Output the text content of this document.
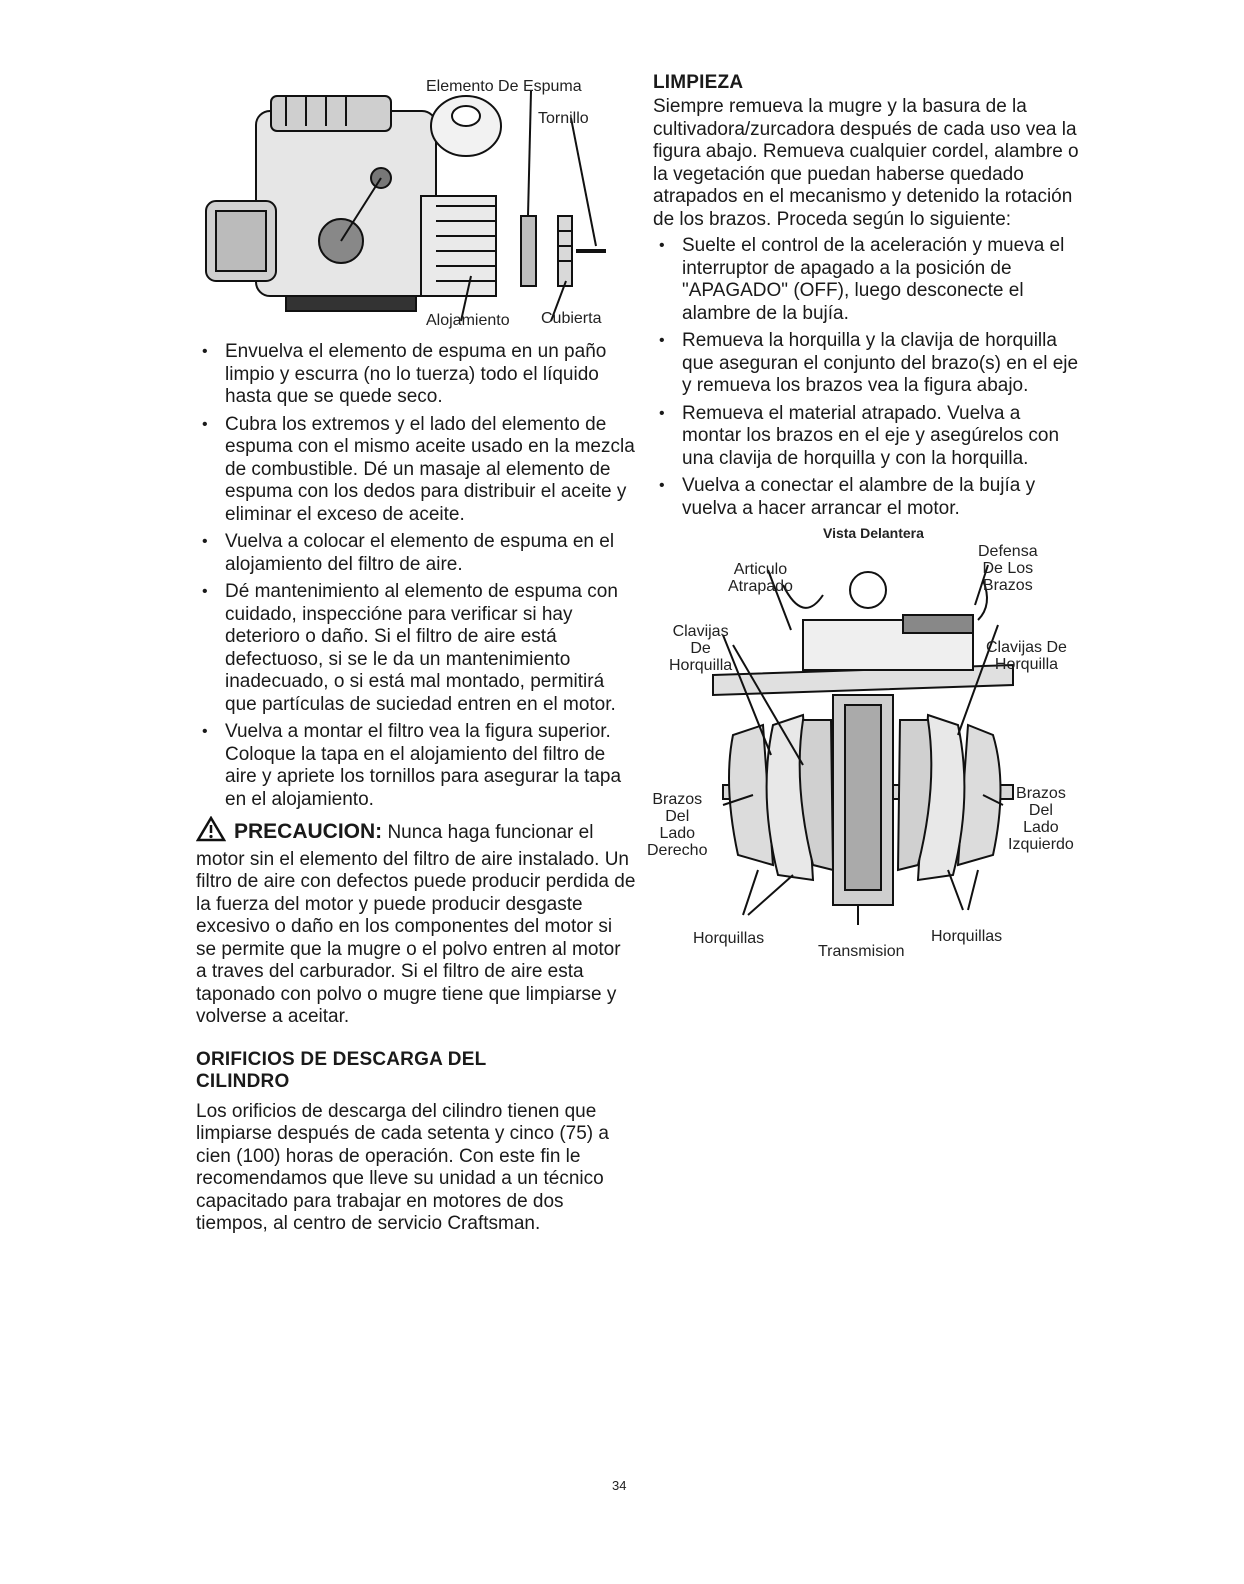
Elemento De Espuma
Tornillo
Alojamiento Cubierta
• Envuelva el elemento de espuma en un paño limpio y escurra (no lo tuerza) todo el líquido hasta que se quede seco.
• Cubra los extremos y el lado del elemento de espuma con el mismo aceite usado en la mezcla de combustible. Dé un masaje al elemento de espuma con los dedos para distribuir el aceite y eliminar el exceso de aceite.
• Vuelva a colocar el elemento de espuma en el alojamiento del filtro de aire.
• Dé mantenimiento al elemento de espuma con cuidado, inspeccióne para verificar si hay deterioro o daño. Si el filtro de aire está defectuoso, si se le da un mantenimiento inadecuado, o si está mal montado, permitirá que partículas de suciedad entren en el motor.
• Vuelva a montar el filtro vea la figura superior. Coloque la tapa en el alojamiento del filtro de aire y apriete los tornillos para asegurar la tapa en el alojamiento.

PRECAUCION: Nunca haga funcionar el motor sin el elemento del filtro de aire instalado. Un filtro de aire con defectos puede producir perdida de la fuerza del motor y puede producir desgaste excesivo o daño en los componentes del motor si se permite que la mugre o el polvo entren al motor a traves del carburador. Si el filtro de aire esta taponado con polvo o mugre tiene que limpiarse y volverse a aceitar.

ORIFICIOS DE DESCARGA DEL CILINDRO

Los orificios de descarga del cilindro tienen que limpiarse después de cada setenta y cinco (75) a cien (100) horas de operación. Con este fin le recomendamos que lleve su unidad a un técnico capacitado para trabajar en motores de dos tiempos, al centro de servicio Craftsman.

LIMPIEZA

Siempre remueva la mugre y la basura de la cultivadora/zurcadora después de cada uso vea la figura abajo. Remueva cualquier cordel, alambre o la vegetación que puedan haberse quedado atrapados en el mecanismo y detenido la rotación de los brazos. Proceda según lo siguiente:

• Suelte el control de la aceleración y mueva el interruptor de apagado a la posición de "APAGADO" (OFF), luego desconecte el alambre de la bujía.
• Remueva la horquilla y la clavija de horquilla que aseguran el conjunto del brazo(s) en el eje y remueva los brazos vea la figura abajo.
• Remueva el material atrapado. Vuelva a montar los brazos en el eje y asegúrelos con una clavija de horquilla y con la horquilla.
• Vuelva a conectar el alambre de la bujía y vuelva a hacer arrancar el motor.
Vista Delantera
Articulo
Atrapado
Defensa
De Los
Brazos
Clavijas
De
Horquilla
Clavijas De
Horquilla
Brazos
Del
Lado
Derecho
Brazos
Del
Lado
Izquierdo
Horquillas
Transmision
Horquillas
34
